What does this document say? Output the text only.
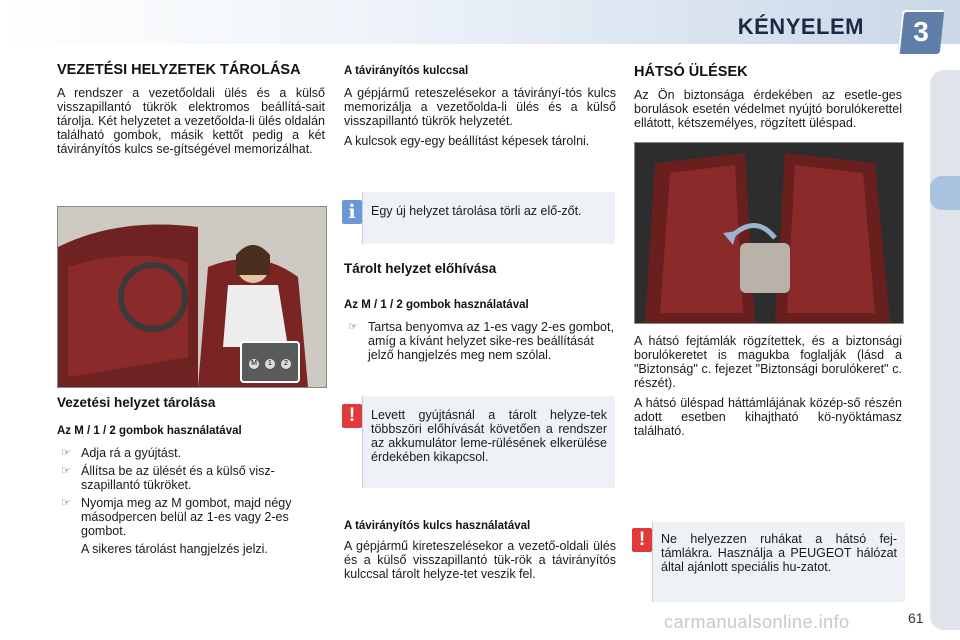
KÉNYELEM	3
VEZETÉSI HELYZETEK TÁROLÁSA
A rendszer a vezetőoldali ülés és a külső visszapillantó tükrök elektromos beállítá-sait tárolja. Két helyzetet a vezetőolda-li ülés oldalán található gombok, másik kettőt pedig a két távirányítós kulcs se-gítségével memorizálhat.
M	1	2
Vezetési helyzet tárolása
Az M / 1 / 2 gombok használatával
☞ Adja rá a gyújtást.
☞ Állítsa be az ülését és a külső visz-szapillantó tükröket.
☞ Nyomja meg az M gombot, majd négy másodpercen belül az 1-es vagy 2-es gombot.
A sikeres tárolást hangjelzés jelzi.
A távirányítós kulccsal
A gépjármű reteszelésekor a távirányí-tós kulcs memorizálja a vezetőolda-li ülés és a külső visszapillantó tükrök helyzetét.
A kulcsok egy-egy beállítást képesek tárolni.
Egy új helyzet tárolása törli az elő-zőt.
i
Tárolt helyzet előhívása
Az M / 1 / 2 gombok használatával
☞ Tartsa benyomva az 1-es vagy 2-es gombot, amíg a kívánt helyzet sike-res beállítását jelző hangjelzés meg nem szólal.
Levett gyújtásnál a tárolt helyze-tek többszöri előhívását követően a rendszer az akkumulátor leme-rülésének elkerülése érdekében kikapcsol.
!
A távirányítós kulcs használatával
A gépjármű kireteszelésekor a vezető-oldali ülés és a külső visszapillantó tük-rök a távirányítós kulccsal tárolt helyze-tet veszik fel.
HÁTSÓ ÜLÉSEK
Az Ön biztonsága érdekében az esetle-ges borulások esetén védelmet nyújtó borulókerettel ellátott, kétszemélyes, rögzített üléspad.
A hátsó fejtámlák rögzítettek, és a biztonsági borulókeretet is magukba foglalják (lásd a "Biztonság" c. fejezet "Biztonsági borulókeret" c. részét).
A hátsó üléspad háttámlájának közép-ső részén adott esetben kihajtható kö-nyöktámasz található.
Ne helyezzen ruhákat a hátsó fej-támlákra. Használja a PEUGEOT hálózat által ajánlott speciális hu-zatot.
!
carmanualsonline.info	61
